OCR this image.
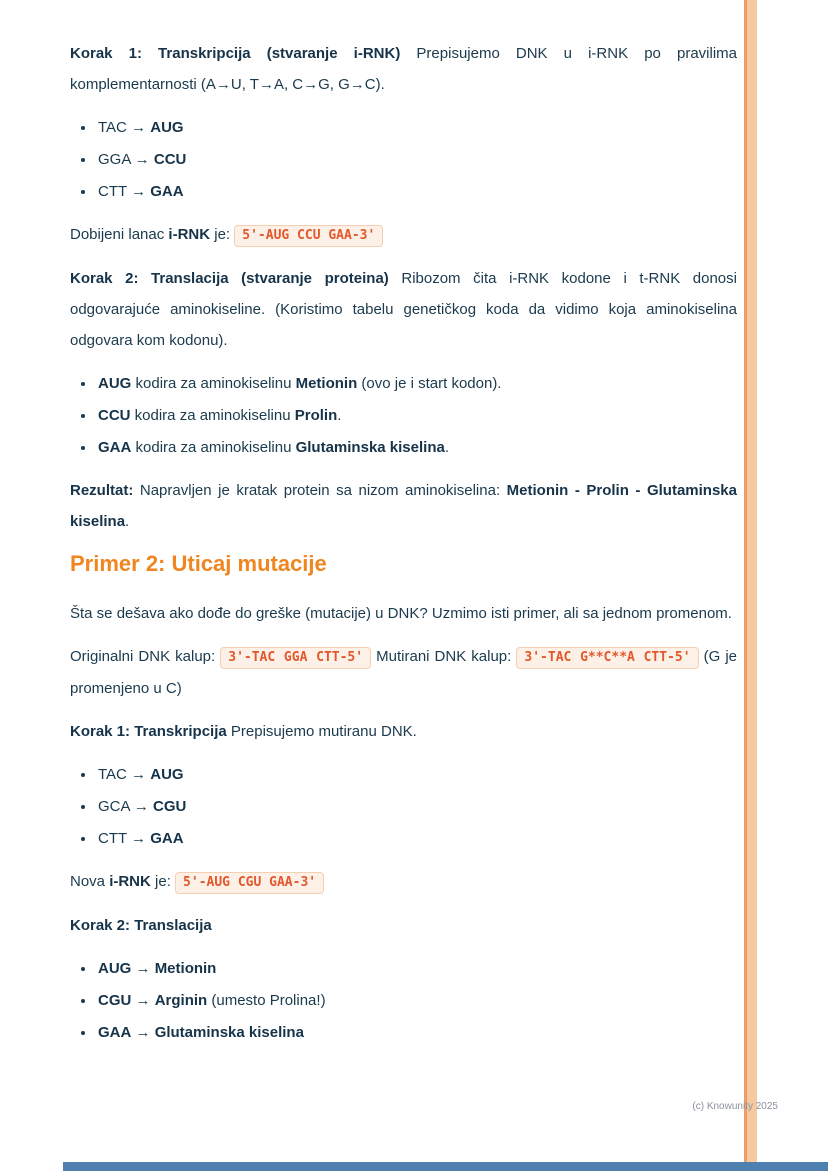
(c) Knowunity 2025

Korak 1: Transkripcija (stvaranje i-RNK) Prepisujemo DNK u i-RNK po pravilima komplementarnosti (A→U, T→A, C→G, G→C).

• TAC → AUG
• GGA → CCU
• CTT → GAA

Dobijeni lanac i-RNK je: 5'-AUG CCU GAA-3'

Korak 2: Translacija (stvaranje proteina) Ribozom čita i-RNK kodone i t-RNK donosi odgovarajuće aminokiseline. (Koristimo tabelu genetičkog koda da vidimo koja aminokiselina odgovara kom kodonu).

• AUG kodira za aminokiselinu Metionin (ovo je i start kodon).
• CCU kodira za aminokiselinu Prolin.
• GAA kodira za aminokiselinu Glutaminska kiselina.

Rezultat: Napravljen je kratak protein sa nizom aminokiselina: Metionin - Prolin - Glutaminska kiselina.

Primer 2: Uticaj mutacije

Šta se dešava ako dođe do greške (mutacije) u DNK? Uzmimo isti primer, ali sa jednom promenom.

Originalni DNK kalup: 3'-TAC GGA CTT-5' Mutirani DNK kalup: 3'-TAC G**C**A CTT-5' (G je promenjeno u C)

Korak 1: Transkripcija Prepisujemo mutiranu DNK.

• TAC → AUG
• GCA → CGU
• CTT → GAA

Nova i-RNK je: 5'-AUG CGU GAA-3'

Korak 2: Translacija

• AUG → Metionin
• CGU → Arginin (umesto Prolina!)
• GAA → Glutaminska kiselina
